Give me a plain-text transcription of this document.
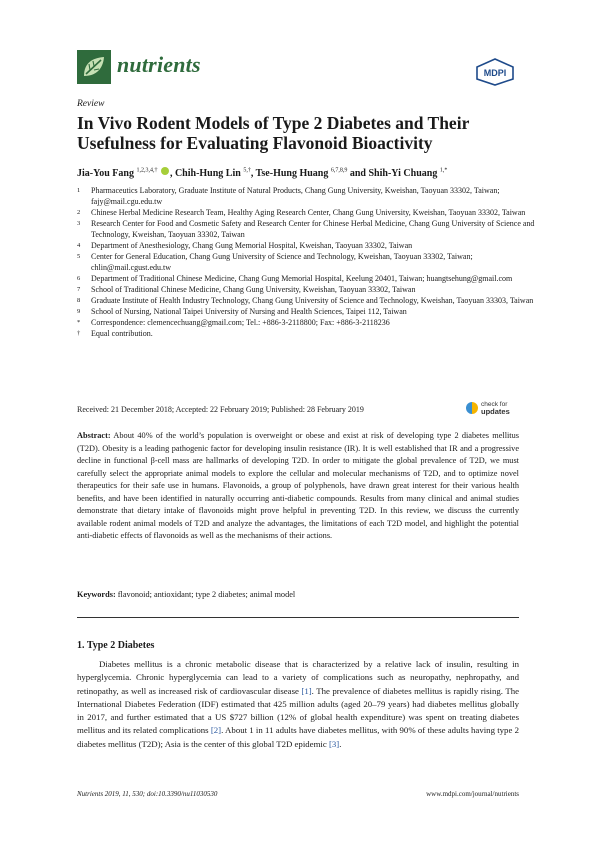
nutrients	MDPI
Review
In Vivo Rodent Models of Type 2 Diabetes and Their Usefulness for Evaluating Flavonoid Bioactivity
Jia-You Fang $^{1,2,3,4,\dagger}$ , Chih-Hung Lin $^{5,\dagger}$, Tse-Hung Huang $^{6,7,8,9}$ and Shih-Yi Chuang $^{1,*}$
1 Pharmaceutics Laboratory, Graduate Institute of Natural Products, Chang Gung University, Kweishan, Taoyuan 33302, Taiwan; fajy@mail.cgu.edu.tw
2 Chinese Herbal Medicine Research Team, Healthy Aging Research Center, Chang Gung University, Kweishan, Taoyuan 33302, Taiwan
3 Research Center for Food and Cosmetic Safety and Research Center for Chinese Herbal Medicine, Chang Gung University of Science and Technology, Kweishan, Taoyuan 33302, Taiwan
4 Department of Anesthesiology, Chang Gung Memorial Hospital, Kweishan, Taoyuan 33302, Taiwan
5 Center for General Education, Chang Gung University of Science and Technology, Kweishan, Taoyuan 33302, Taiwan; chlin@mail.cgust.edu.tw
6 Department of Traditional Chinese Medicine, Chang Gung Memorial Hospital, Keelung 20401, Taiwan; huangtsehung@gmail.com
7 School of Traditional Chinese Medicine, Chang Gung University, Kweishan, Taoyuan 33302, Taiwan
8 Graduate Institute of Health Industry Technology, Chang Gung University of Science and Technology, Kweishan, Taoyuan 33303, Taiwan
9 School of Nursing, National Taipei University of Nursing and Health Sciences, Taipei 112, Taiwan
* Correspondence: clemencechuang@gmail.com; Tel.: +886-3-2118800; Fax: +886-3-2118236
† Equal contribution.
Received: 21 December 2018; Accepted: 22 February 2019; Published: 28 February 2019
check for
updates
Abstract: About 40% of the world’s population is overweight or obese and exist at risk of developing type 2 diabetes mellitus (T2D). Obesity is a leading pathogenic factor for developing insulin resistance (IR). It is well established that IR and a progressive decline in functional β-cell mass are hallmarks of developing T2D. In order to mitigate the global prevalence of T2D, we must carefully select the appropriate animal models to explore the cellular and molecular mechanisms of T2D, and to optimize novel therapeutics for their safe use in humans. Flavonoids, a group of polyphenols, have drawn great interest for their various health benefits, and have been identified in naturally occurring anti-diabetic compounds. Results from many clinical and animal studies demonstrate that dietary intake of flavonoids might prove helpful in preventing T2D. In this review, we discuss the currently available rodent animal models of T2D and analyze the advantages, the limitations of each T2D model, and highlight the potential anti-diabetic effects of flavonoids as well as the mechanisms of their actions.
Keywords: flavonoid; antioxidant; type 2 diabetes; animal model
1. Type 2 Diabetes
Diabetes mellitus is a chronic metabolic disease that is characterized by a relative lack of insulin, resulting in hyperglycemia. Chronic hyperglycemia can lead to a variety of complications such as neuropathy, nephropathy, and retinopathy, as well as increased risk of cardiovascular disease [1]. The prevalence of diabetes mellitus is rapidly rising. The International Diabetes Federation (IDF) estimated that 425 million adults (aged 20–79 years) had diabetes mellitus globally in 2017, and further estimated that a US $727 billion (12% of global health expenditure) was spent on treating diabetes mellitus and its related complications [2]. About 1 in 11 adults have diabetes mellitus, with 90% of these adults having type 2 diabetes mellitus (T2D); Asia is the center of this global T2D epidemic [3].
Nutrients 2019, 11, 530; doi:10.3390/nu11030530	www.mdpi.com/journal/nutrients
